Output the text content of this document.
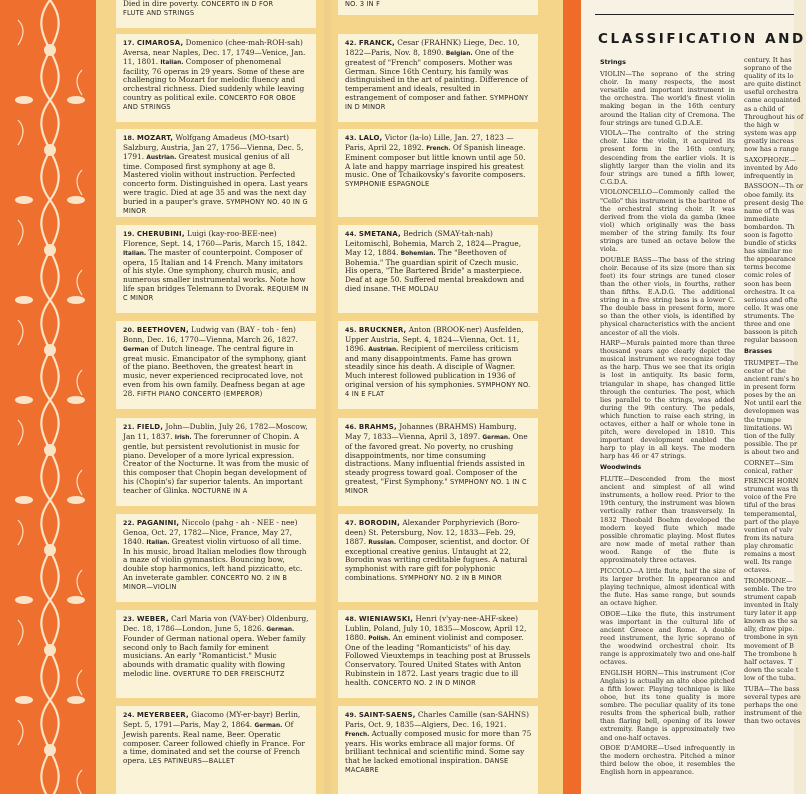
Died in dire poverty. CONCERTO IN D FOR
FLUTE AND STRINGS
NO. 3 IN F
17. CIMAROSA, Domenico (chee-mah-ROH-sah) Aversa, near Naples, Dec. 17, 1749—Venice, Jan. 11, 1801. Italian. Composer of phenomenal facility, 76 operas in 29 years. Some of these are challenging to Mozart for melodic fluency and orchestral richness. Died suddenly while leaving country as political exile. CONCERTO FOR OBOE AND STRINGS
18. MOZART, Wolfgang Amadeus (MO-tsart) Salzburg, Austria, Jan 27, 1756—Vienna, Dec. 5, 1791. Austrian. Greatest musical genius of all time. Composed first symphony at age 8. Mastered violin without instruction. Perfected concerto form. Distinguished in opera. Last years were tragic. Died at age 35 and was the next day buried in a pauper's grave. SYMPHONY NO. 40 IN G MINOR
19. CHERUBINI, Luigi (kay-roo-BEE-nee) Florence, Sept. 14, 1760—Paris, March 15, 1842. Italian. The master of counterpoint. Composer of opera, 15 Italian and 14 French. Many imitators of his style. One symphony, church music, and numerous smaller instrumental works. Note how life span bridges Telemann to Dvorak. REQUIEM IN C MINOR
20. BEETHOVEN, Ludwig van (BAY - toh - fen) Bonn, Dec. 16, 1770—Vienna, March 26, 1827. German of Dutch lineage. The central figure in great music. Emancipator of the symphony, giant of the piano. Beethoven, the greatest heart in music, never experienced reciprocated love, not even from his own family. Deafness began at age 28. FIFTH PIANO CONCERTO (EMPEROR)
21. FIELD, John—Dublin, July 26, 1782—Moscow, Jan 11, 1837. Irish. The forerunner of Chopin. A gentle, but persistent revolutionist in music for piano. Developer of a more lyrical expression. Creator of the Nocturne. It was from the music of this composer that Chopin began development of his (Chopin's) far superior talents. An important teacher of Glinka. NOCTURNE IN A
22. PAGANINI, Niccolo (pahg - ah - NEE - nee) Genoa, Oct. 27, 1782—Nice, France, May 27, 1840. Italian. Greatest violin virtuoso of all time. In his music, broad Italian melodies flow through a maze of violin gymnastics. Bouncing bow, double stop harmonics, left hand pizzicatto, etc. An inveterate gambler. CONCERTO NO. 2 IN B MINOR—VIOLIN
23. WEBER, Carl Maria von (VAY-ber) Oldenburg, Dec. 18, 1786—London, June 5, 1826. German. Founder of German national opera. Weber family second only to Bach family for eminent musicians. An early "Romanticist." Music abounds with dramatic quality with flowing melodic line. OVERTURE TO DER FREISCHUTZ
24. MEYERBEER, Giacomo (MY-er-bayr) Berlin, Sept. 5, 1791—Paris, May 2, 1864. German. Of Jewish parents. Real name, Beer. Operatic composer. Career followed chiefly in France. For a time, dominated and set the course of French opera. LES PATINEURS—BALLET
42. FRANCK, Cesar (FRAHNK) Liege, Dec. 10, 1822—Paris, Nov. 8, 1890. Belgian. One of the greatest of "French" composers. Mother was German. Since 16th Century, his family was distinguished in the art of painting. Difference of temperament and ideals, resulted in estrangement of composer and father. SYMPHONY IN D MINOR
43. LALO, Victor (la-lo) Lille, Jan. 27, 1823 —Paris, April 22, 1892. French. Of Spanish lineage. Eminent composer but little known until age 50. A late and happy marriage inspired his greatest music. One of Tchaikovsky's favorite composers. SYMPHONIE ESPAGNOLE
44. SMETANA, Bedrich (SMAY-tah-nah) Leitomischl, Bohemia, March 2, 1824—Prague, May 12, 1884. Bohemian. The "Beethoven of Bohemia." The guardian spirit of Czech music. His opera, "The Bartered Bride" a masterpiece. Deaf at age 50. Suffered mental breakdown and died insane. THE MOLDAU
45. BRUCKNER, Anton (BROOK-ner) Ausfelden, Upper Austria, Sept. 4, 1824—Vienna, Oct. 11, 1896. Austrian. Recipient of merciless criticism and many disappointments. Fame has grown steadily since his death. A disciple of Wagner. Much interest followed publication in 1936 of original version of his symphonies. SYMPHONY NO. 4 IN E FLAT
46. BRAHMS, Johannes (BRAHMS) Hamburg, May 7, 1833—Vienna, April 3, 1897. German. One of the favored great. No poverty, no crushing disappointments, nor time consuming distractions. Many influential friends assisted in steady progress toward goal. Composer of the greatest, "First Symphony." SYMPHONY NO. 1 IN C MINOR
47. BORODIN, Alexander Porphyrievich (Boro-deen) St. Petersburg, Nov. 12, 1833—Feb. 29, 1887. Russian. Composer, scientist, and doctor. Of exceptional creative genius. Untaught at 22, Borodin was writing creditable fugues. A natural symphonist with rare gift for polyphonic combinations. SYMPHONY NO. 2 IN B MINOR
48. WIENIAWSKI, Henri (v'yay-nee-AHF-skee) Lublin, Poland, July 10, 1835—Moscow, April 12, 1880. Polish. An eminent violinist and composer. One of the leading "Romanticists" of his day. Followed Vieuxtemps in teaching post at Brussels Conservatory. Toured United States with Anton Rubinstein in 1872. Last years tragic due to ill health. CONCERTO NO. 2 IN D MINOR
49. SAINT-SAENS, Charles Camille (san-SAHNS) Paris, Oct. 9, 1835—Algiers, Dec. 16, 1921. French. Actually composed music for more than 75 years. His works embrace all major forms. Of brilliant technical and scientific mind. Some say that he lacked emotional inspiration. DANSE MACABRE
CLASSIFICATION AND
Strings

VIOLIN—The soprano of the string choir. In many respects, the most versatile and important instrument in the orchestra. The world's finest violin making began in the 16th century around the Italian city of Cremona. The four strings are tuned G.D.A.E.

VIOLA—The contralto of the string choir. Like the violin, it acquired its present form in the 16th century, descending from the earlier viols. It is slightly larger than the violin and its four strings are tuned a fifth lower, C.G.D.A.

VIOLONCELLO—Commonly called the "Cello" this instrument is the baritone of the orchestral string choir. It was derived from the viola da gamba (knee viol) which originally was the bass member of the string family. Its four strings are tuned an octave below the viola.

DOUBLE BASS—The bass of the string choir. Because of its size (more than six feet) its four strings are tuned closer than the other viols, in fourths, rather than fifths. E.A.D.G. The additional string in a five string bass is a lower C. The double bass in present form, more so than the other viols, is identified by physical characteristics with the ancient ancestor of all the viols.

HARP—Murals painted more than three thousand years ago clearly depict the musical instrument we recognize today as the harp. Thus we see that its origin is lost in antiquity. Its basic form, triangular in shape, has changed little through the centuries. The post, which lies parallel to the strings, was added during the 9th century. The pedals, which function to raise each string, in octaves, either a half or whole tone in pitch, were developed in 1810. This important development enabled the harp to play in all keys. The modern harp has 46 or 47 strings.

Woodwinds

FLUTE—Descended from the most ancient and simplest of all wind instruments, a hollow reed. Prior to the 19th century, the instrument was blown vertically rather than transversely. In 1832 Theobald Boehm developed the modern keyed flute which made possible chromatic playing. Most flutes are now made of metal rather than wood. Range of the flute is approximately three octaves.

PICCOLO—A little flute, half the size of its larger brother. In appearance and playing technique, almost identical with the flute. Has same range, but sounds an octave higher.

OBOE—Like the flute, this instrument was important in the cultural life of ancient Greece and Rome. A double reed instrument, the lyric soprano of the woodwind orchestral choir. Its range is approximately two and one-half octaves.

ENGLISH HORN—This instrument (Cor Anglais) is actually an alto oboe pitched a fifth lower. Playing technique is like oboe, but its tone quality is more sombre. The peculiar quality of its tone results from the spherical bulb, rather than flaring bell, opening of its lower extremity. Range is approximately two and one-half octaves.

OBOE D'AMORE—Used infrequently in the modern orchestra. Pitched a minor third below the oboe, it resembles the English horn in appearance.

century. It has soprano of the quality of its lo are quite distinct useful orchestra came acquainted as a child of Throughout his of the high w system was app greatly increas now has a range

SAXOPHONE—invented by Ado infrequently in

BASSOON—Th or oboe family. its present desig The name of th was immediate bombardon. Th soon is fagotto bundle of sticks has similar me the appearance terms become comic roles of soon has been orchestra. It ca serious and ofte cello. It was one struments. The three and one bassoon is pitch regular bassoon

Brasses

TRUMPET—The cestor of the ancient ram's ho in present form poses by the an Not until earl the developmen was the trumpe limitations. Wi tion of the fully possible. The pr is about two and

CORNET—Sim conical, rather

FRENCH HORN strument was th voice of the Fre tiful of the bras temperamental, part of the playe vention of valv from its natura play chromatic remains a most well. Its range octaves.

TROMBONE—semble. The tro strument capab invented in Italy tury later it app known as the sa ally, draw pipe. trombone in syn movement of B The trombone h half octaves. T down the scale t low of the tuba.

TUBA—The bass several types are perhaps the one instrument of the than two octaves
